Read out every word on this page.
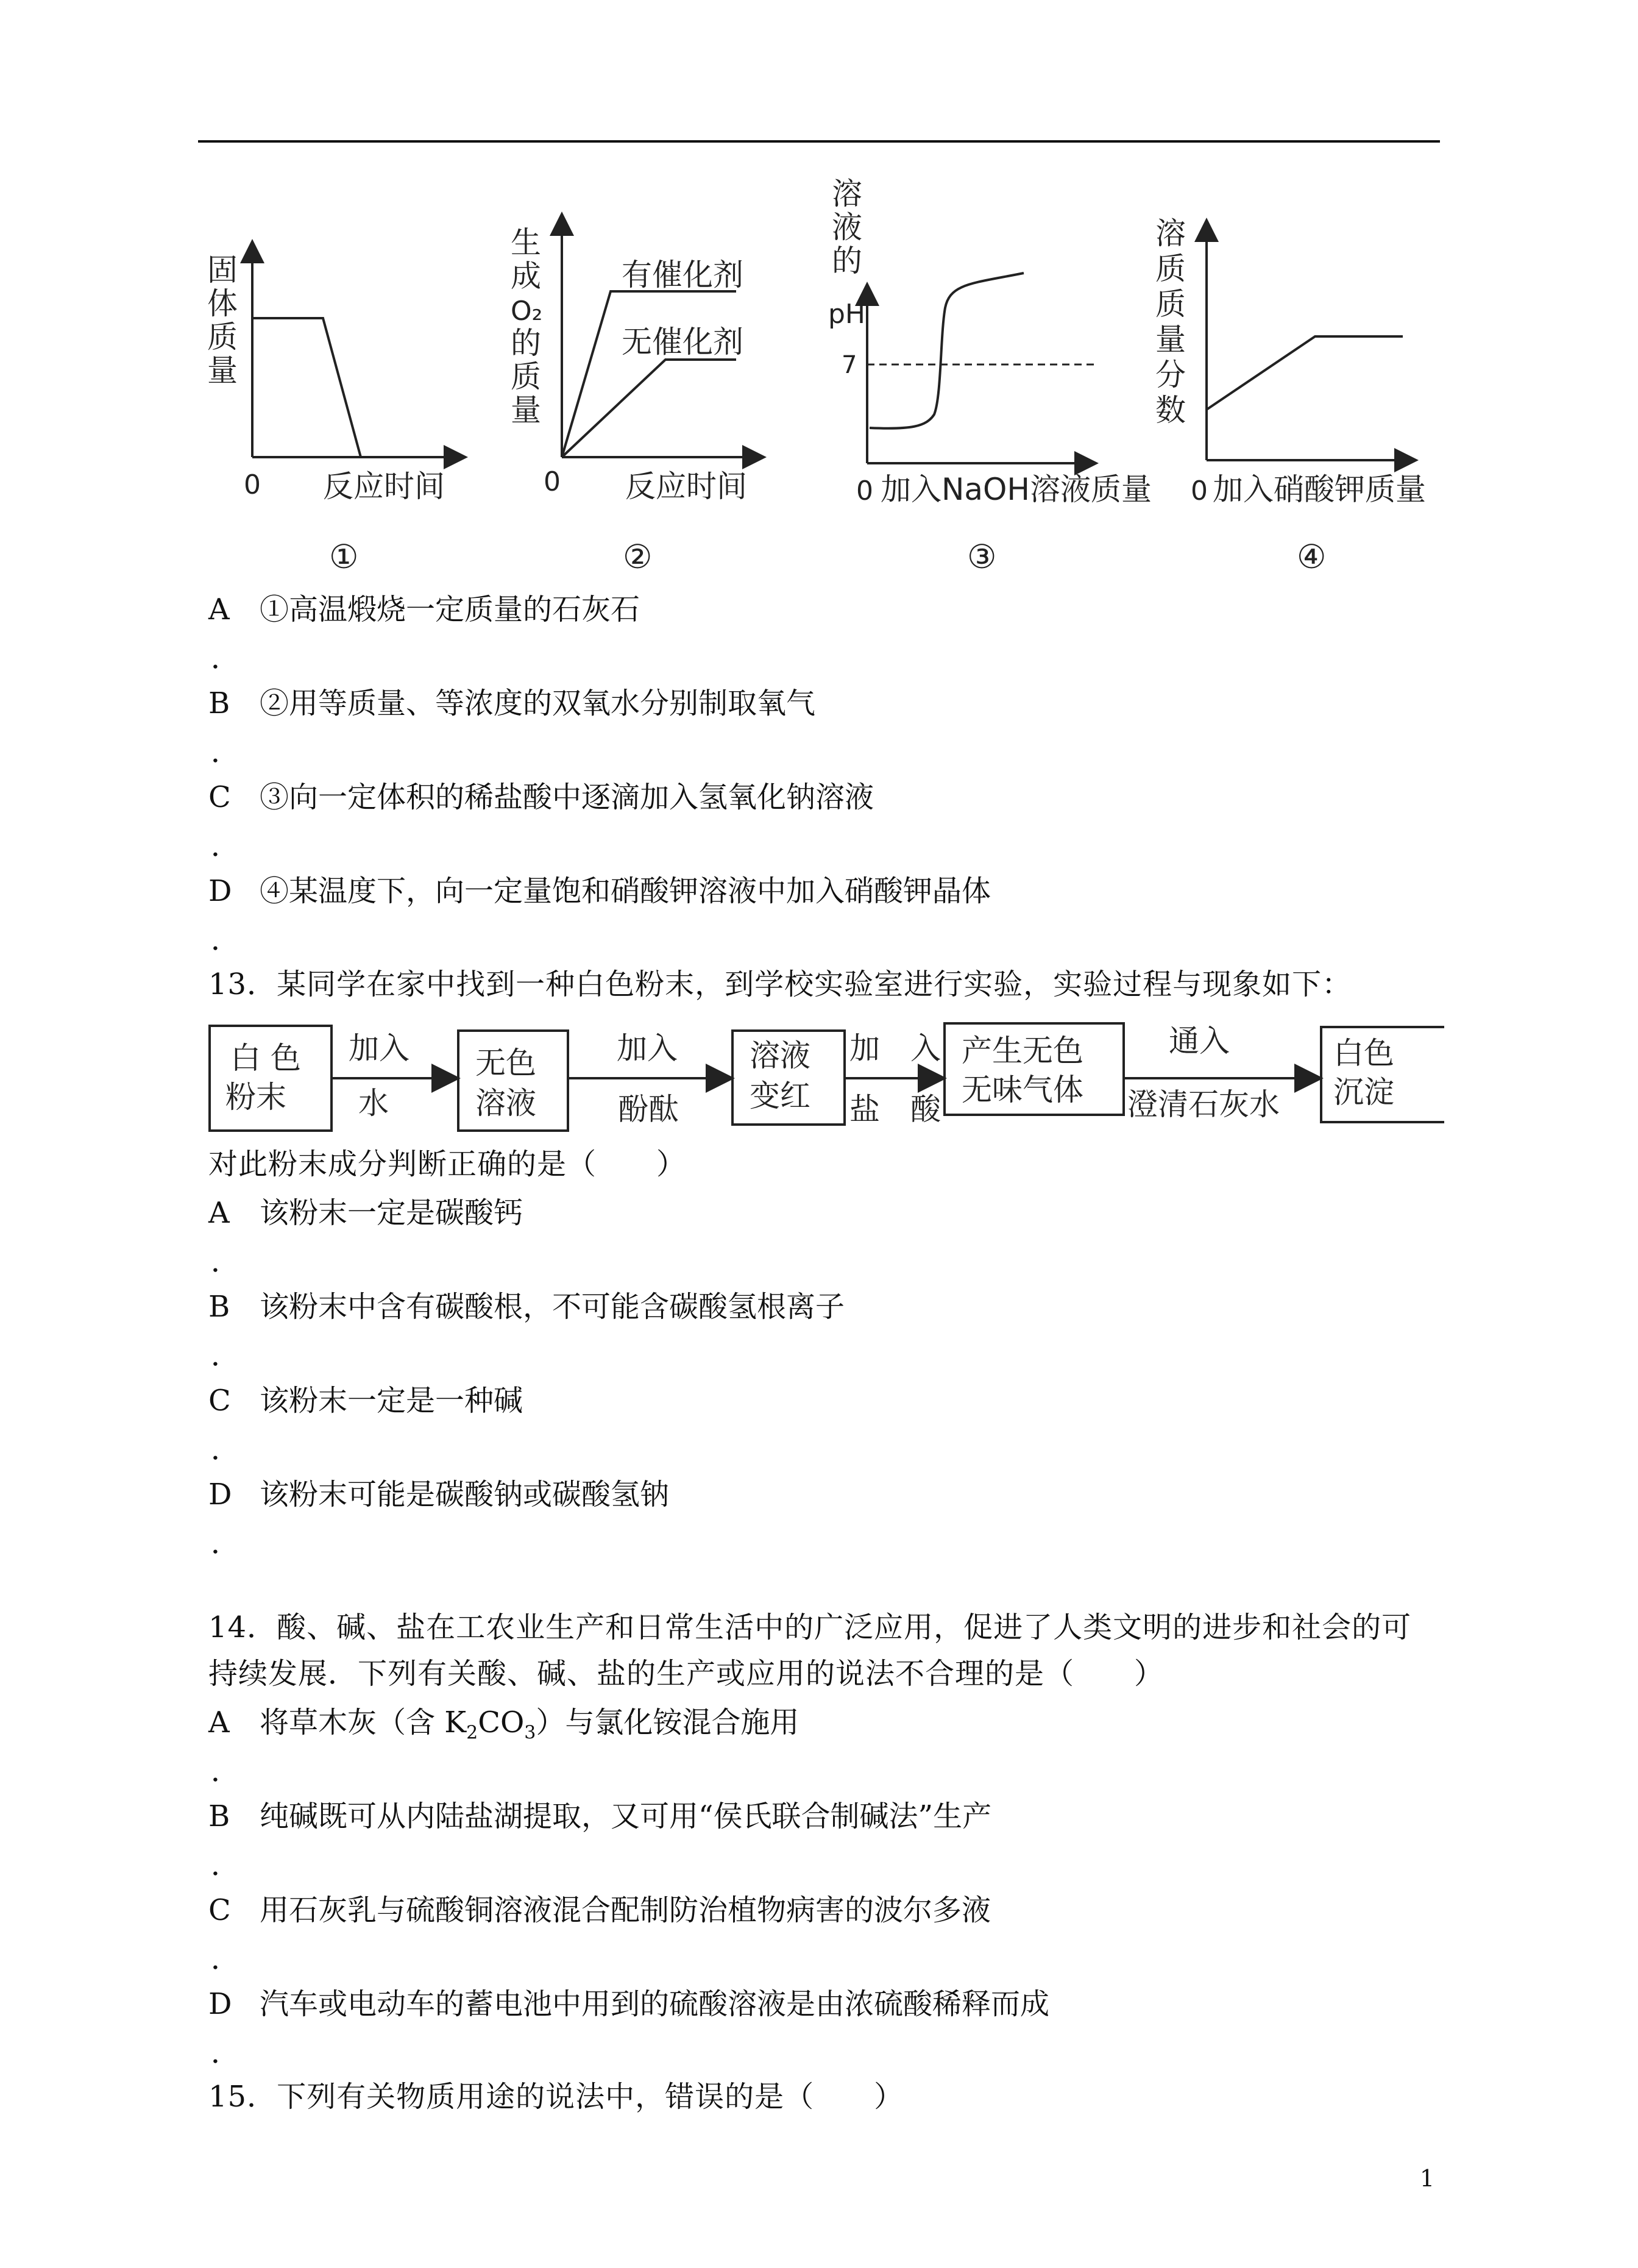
固
体
质
量
0 反应时间
生
成
O₂
的
质
量
有催化剂
无催化剂
0 反应时间
溶
液
的
pH
7
0 加入NaOH溶液质量
溶
质
质
量
分
数
0 加入硝酸钾质量
①	②	③	④
A ①高温煅烧一定质量的石灰石
．
B ②用等质量、等浓度的双氧水分别制取氧气
．
C ③向一定体积的稀盐酸中逐滴加入氢氧化钠溶液
．
D ④某温度下，向一定量饱和硝酸钾溶液中加入硝酸钾晶体
．
13．某同学在家中找到一种白色粉末，到学校实验室进行实验，实验过程与现象如下：
白 色
粉末
加入
水
无色
溶液
加入
酚酞
溶液
变红
加　入
盐　酸
产生无色
无味气体
通入
澄清石灰水
白色
沉淀
对此粉末成分判断正确的是（　　）
A 该粉末一定是碳酸钙
．
B 该粉末中含有碳酸根，不可能含碳酸氢根离子
．
C 该粉末一定是一种碱
．
D 该粉末可能是碳酸钠或碳酸氢钠
．
14．酸、碱、盐在工农业生产和日常生活中的广泛应用，促进了人类文明的进步和社会的可
持续发展．下列有关酸、碱、盐的生产或应用的说法不合理的是（　　）
A 将草木灰（含 $K_2CO_3$）与氯化铵混合施用
．
B 纯碱既可从内陆盐湖提取，又可用“侯氏联合制碱法”生产
．
C 用石灰乳与硫酸铜溶液混合配制防治植物病害的波尔多液
．
D 汽车或电动车的蓄电池中用到的硫酸溶液是由浓硫酸稀释而成
．
15．下列有关物质用途的说法中，错误的是（　　）
1
